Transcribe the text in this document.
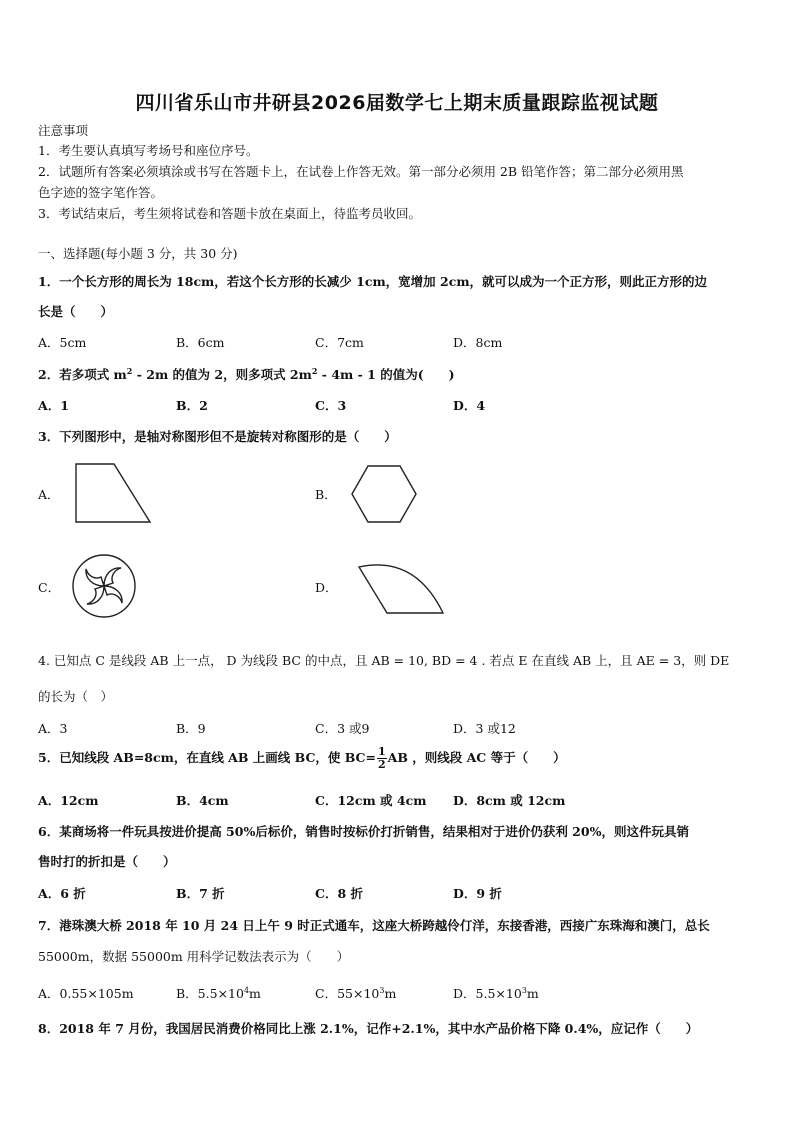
四川省乐山市井研县2026届数学七上期末质量跟踪监视试题
注意事项
1．考生要认真填写考场号和座位序号。
2．试题所有答案必须填涂或书写在答题卡上，在试卷上作答无效。第一部分必须用 2B 铅笔作答；第二部分必须用黑
色字迹的签字笔作答。
3．考试结束后，考生须将试卷和答题卡放在桌面上，待监考员收回。
一、选择题(每小题 3 分，共 30 分)
1．一个长方形的周长为 18cm，若这个长方形的长减少 1cm，宽增加 2cm，就可以成为一个正方形，则此正方形的边
长是（　　）
A．5cm	B．6cm	C．7cm	D．8cm
2．若多项式 $m^2 - 2m$ 的值为 2，则多项式 $2m^2 - 4m - 1$ 的值为(　　)
A．1	B．2	C．3	D．4
3．下列图形中，是轴对称图形但不是旋转对称图形的是（　　）
A．	B．
C．	D．
4. 已知点 C 是线段 AB 上一点， D 为线段 BC 的中点，且 AB = 10, BD = 4 . 若点 E 在直线 AB 上，且 AE = 3，则 DE
的长为（　）
A．3	B．9	C．3 或9	D．3 或12
5．已知线段 AB=8cm，在直线 AB 上画线 BC，使 $BC= \frac{1}{2}$ AB ，则线段 AC 等于（　　）
A．12cm	B．4cm	C．12cm 或 4cm D．8cm 或 12cm
6．某商场将一件玩具按进价提高 50%后标价，销售时按标价打折销售，结果相对于进价仍获利 20%，则这件玩具销
售时打的折扣是（　　）
A．6 折	B．7 折	C．8 折	D．9 折
7．港珠澳大桥 2018 年 10 月 24 日上午 9 时正式通车，这座大桥跨越伶仃洋，东接香港，西接广东珠海和澳门，总长
55000m，数据 55000m 用科学记数法表示为（　　）
A．0.55×105m	B．$5.5\times 10^4m$	C．$55\times 10^3m$	D．$5.5\times 10^3m$
8．2018 年 7 月份，我国居民消费价格同比上涨 2.1%，记作+2.1%，其中水产品价格下降 0.4%，应记作（　　）
